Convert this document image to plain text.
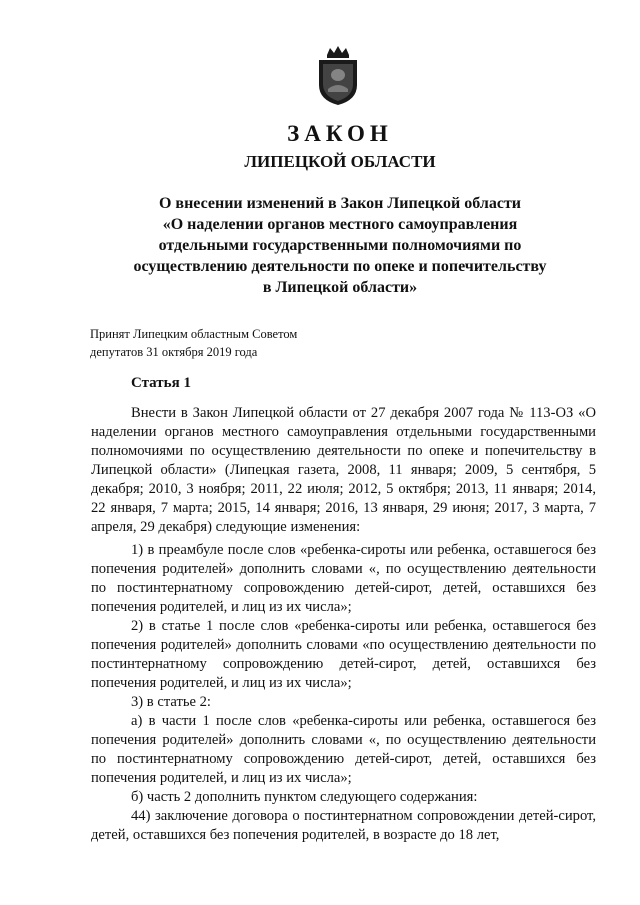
ЗАКОН
ЛИПЕЦКОЙ ОБЛАСТИ
О внесении изменений в Закон Липецкой области
«О наделении органов местного самоуправления
отдельными государственными полномочиями по
осуществлению деятельности по опеке и попечительству
в Липецкой области»
Принят Липецким областным Советом
депутатов 31 октября 2019 года
Статья 1

Внести в Закон Липецкой области от 27 декабря 2007 года № 113-ОЗ «О наделении органов местного самоуправления отдельными государственными полномочиями по осуществлению деятельности по опеке и попечительству в Липецкой области» (Липецкая газета, 2008, 11 января; 2009, 5 сентября, 5 декабря; 2010, 3 ноября; 2011, 22 июля; 2012, 5 октября; 2013, 11 января; 2014, 22 января, 7 марта; 2015, 14 января; 2016, 13 января, 29 июня; 2017, 3 марта, 7 апреля, 29 декабря) следующие изменения:

1) в преамбуле после слов «ребенка-сироты или ребенка, оставшегося без попечения родителей» дополнить словами «, по осуществлению деятельности по постинтернатному сопровождению детей-сирот, детей, оставшихся без попечения родителей, и лиц из их числа»;

2) в статье 1 после слов «ребенка-сироты или ребенка, оставшегося без попечения родителей» дополнить словами «по осуществлению деятельности по постинтернатному сопровождению детей-сирот, детей, оставшихся без попечения родителей, и лиц из их числа»;

3) в статье 2:

а) в части 1 после слов «ребенка-сироты или ребенка, оставшегося без попечения родителей» дополнить словами «, по осуществлению деятельности по постинтернатному сопровождению детей-сирот, детей, оставшихся без попечения родителей, и лиц из их числа»;

б) часть 2 дополнить пунктом следующего содержания:

44) заключение договора о постинтернатном сопровождении детей-сирот, детей, оставшихся без попечения родителей, в возрасте до 18 лет,
